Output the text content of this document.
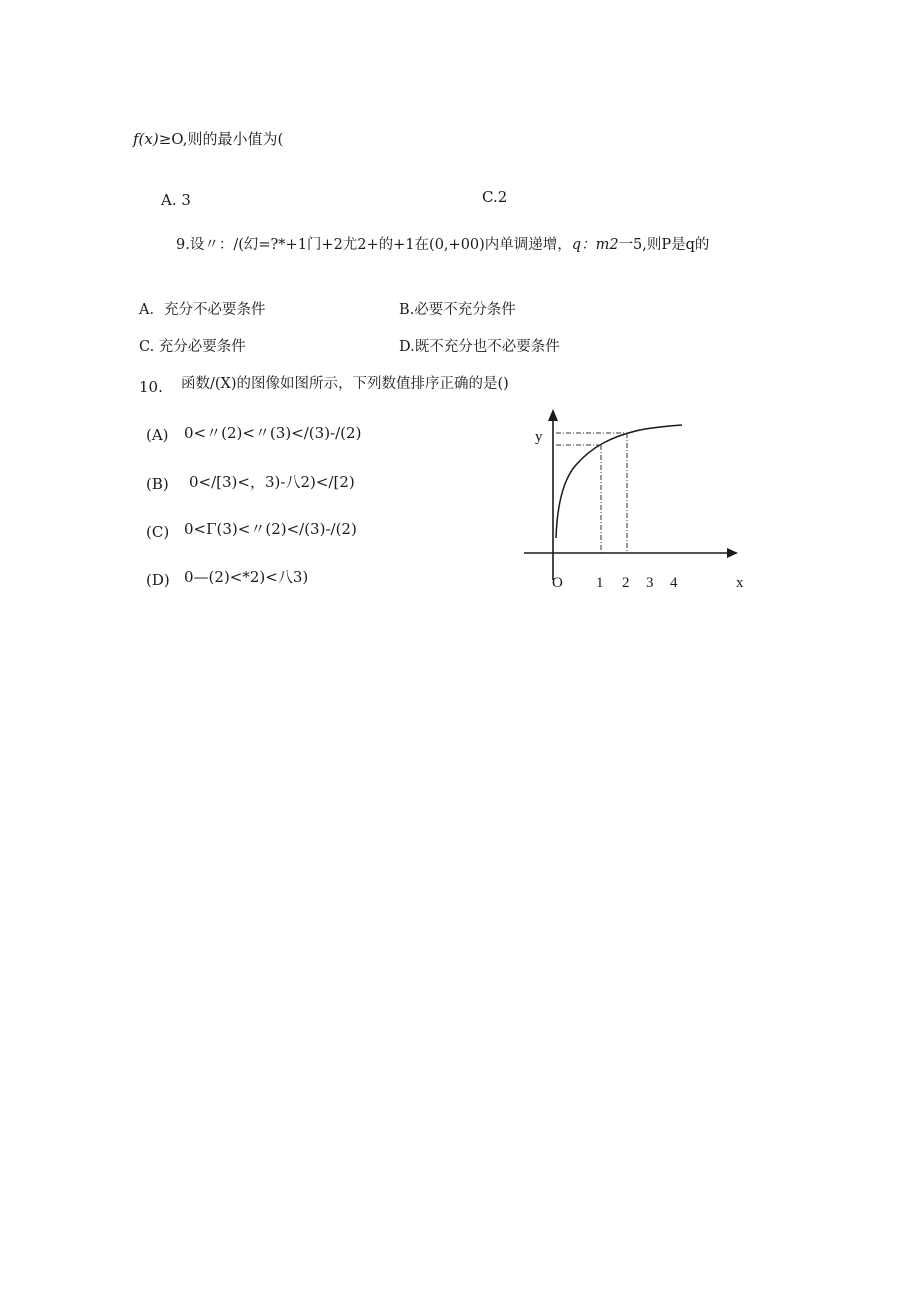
f(x)≥O,则的最小值为(
A. 3	C.2
9.设〃：/(幻=?*+1门+2尤2+的+1在(0,+00)内单调递增，q：m2一5,则P是q的
A．充分不必要条件	B.必要不充分条件
C. 充分必要条件	D.既不充分也不必要条件
10. 函数/(X)的图像如图所示，下列数值排序正确的是()
(A) 0<〃(2)<〃(3)</(3)-/(2)
(B) 0</[3)<，3)-八2)</[2)
(C) 0<Γ(3)<〃(2)</(3)-/(2)
(D) 0—(2)<*2)<八3)
y
x
O 1 2 3 4
